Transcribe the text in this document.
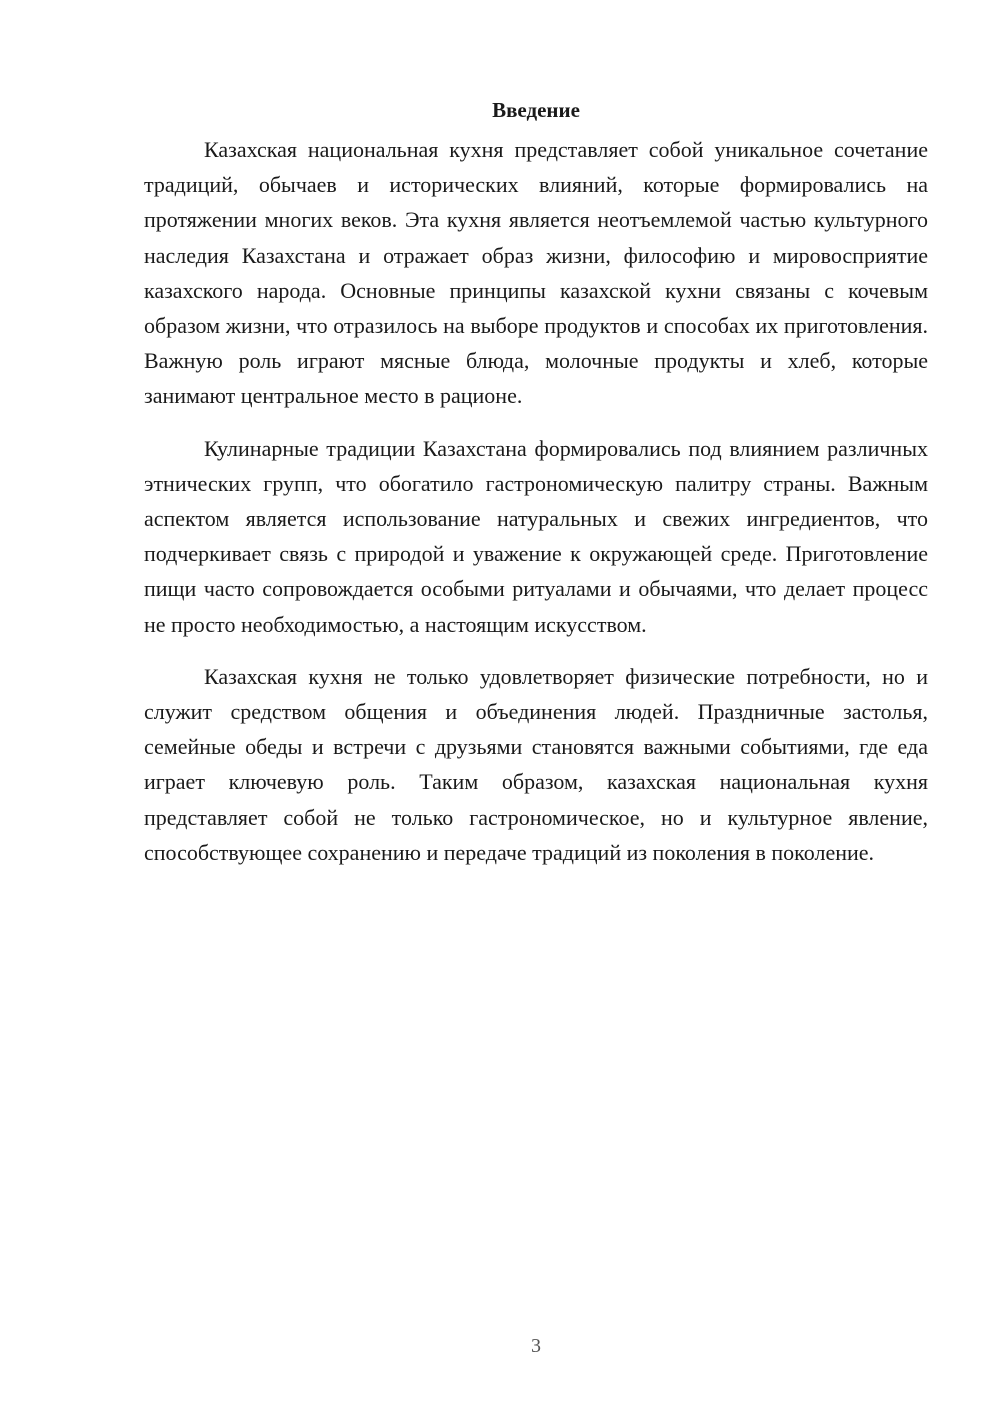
Введение

Казахская национальная кухня представляет собой уникальное сочетание традиций, обычаев и исторических влияний, которые формировались на протяжении многих веков. Эта кухня является неотъемлемой частью культурного наследия Казахстана и отражает образ жизни, философию и мировосприятие казахского народа. Основные принципы казахской кухни связаны с кочевым образом жизни, что отразилось на выборе продуктов и способах их приготовления. Важную роль играют мясные блюда, молочные продукты и хлеб, которые занимают центральное место в рационе.

Кулинарные традиции Казахстана формировались под влиянием различных этнических групп, что обогатило гастрономическую палитру страны. Важным аспектом является использование натуральных и свежих ингредиентов, что подчеркивает связь с природой и уважение к окружающей среде. Приготовление пищи часто сопровождается особыми ритуалами и обычаями, что делает процесс не просто необходимостью, а настоящим искусством.

Казахская кухня не только удовлетворяет физические потребности, но и служит средством общения и объединения людей. Праздничные застолья, семейные обеды и встречи с друзьями становятся важными событиями, где еда играет ключевую роль. Таким образом, казахская национальная кухня представляет собой не только гастрономическое, но и культурное явление, способствующее сохранению и передаче традиций из поколения в поколение.

3
